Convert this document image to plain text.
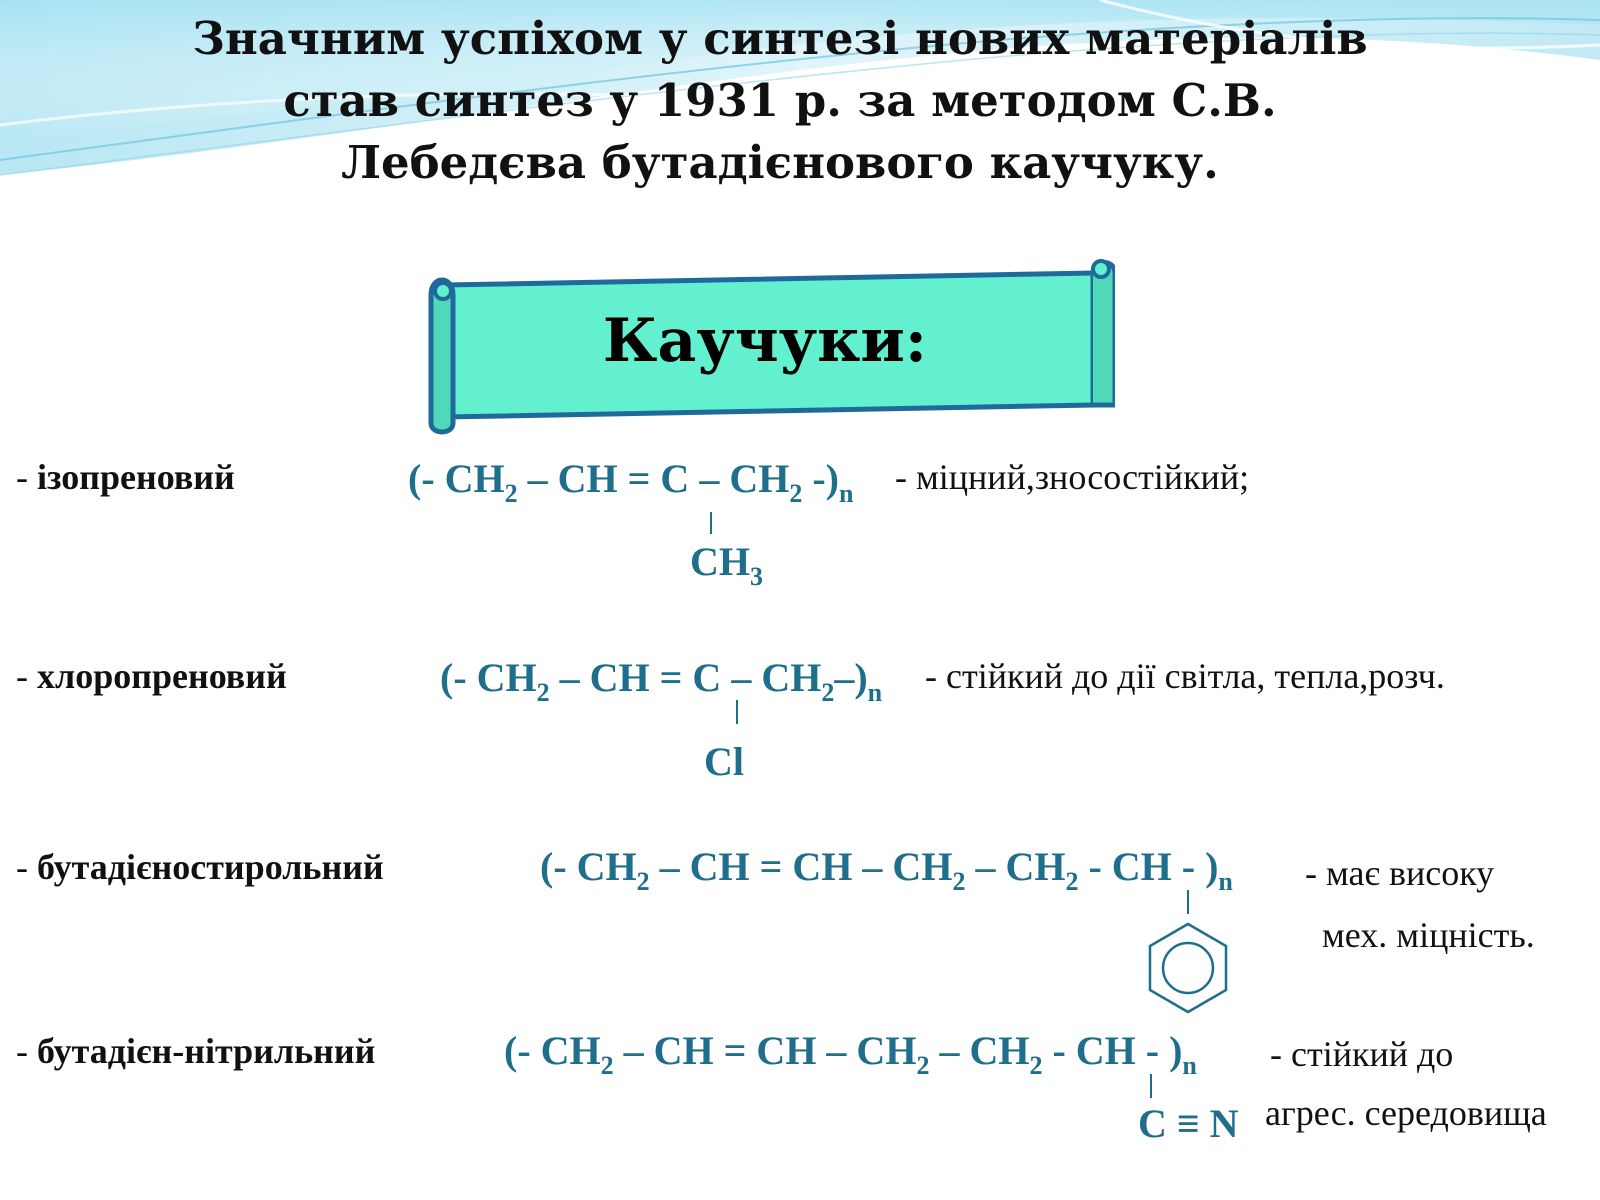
Значним успіхом у синтезі нових матеріалів
став синтез у 1931 р. за методом С.В.
Лебедєва бутадієнового каучуку.
Каучуки:
- ізопреновий	(- $CH_2$ – CH = C – $CH_2$ $-)_n$ - міцний,зносостійкий;
$CH_3$
- хлоропреновий	(- $CH_2$ – CH = C – $CH_2-)_n$ - стійкий до дії світла, тепла,розч.
Cl
- бутадієностирольний	(- $CH_2$ – CH = CH – $CH_2 - CH_2$ - CH - )$_n$ - має високу
мех. міцність.
- бутадієн-нітрильний	(- $CH_2$ – CH = CH – $CH_2 - CH_2$ - CH - )$_n$ - стійкий до
агрес. середовища
C ≡ N
